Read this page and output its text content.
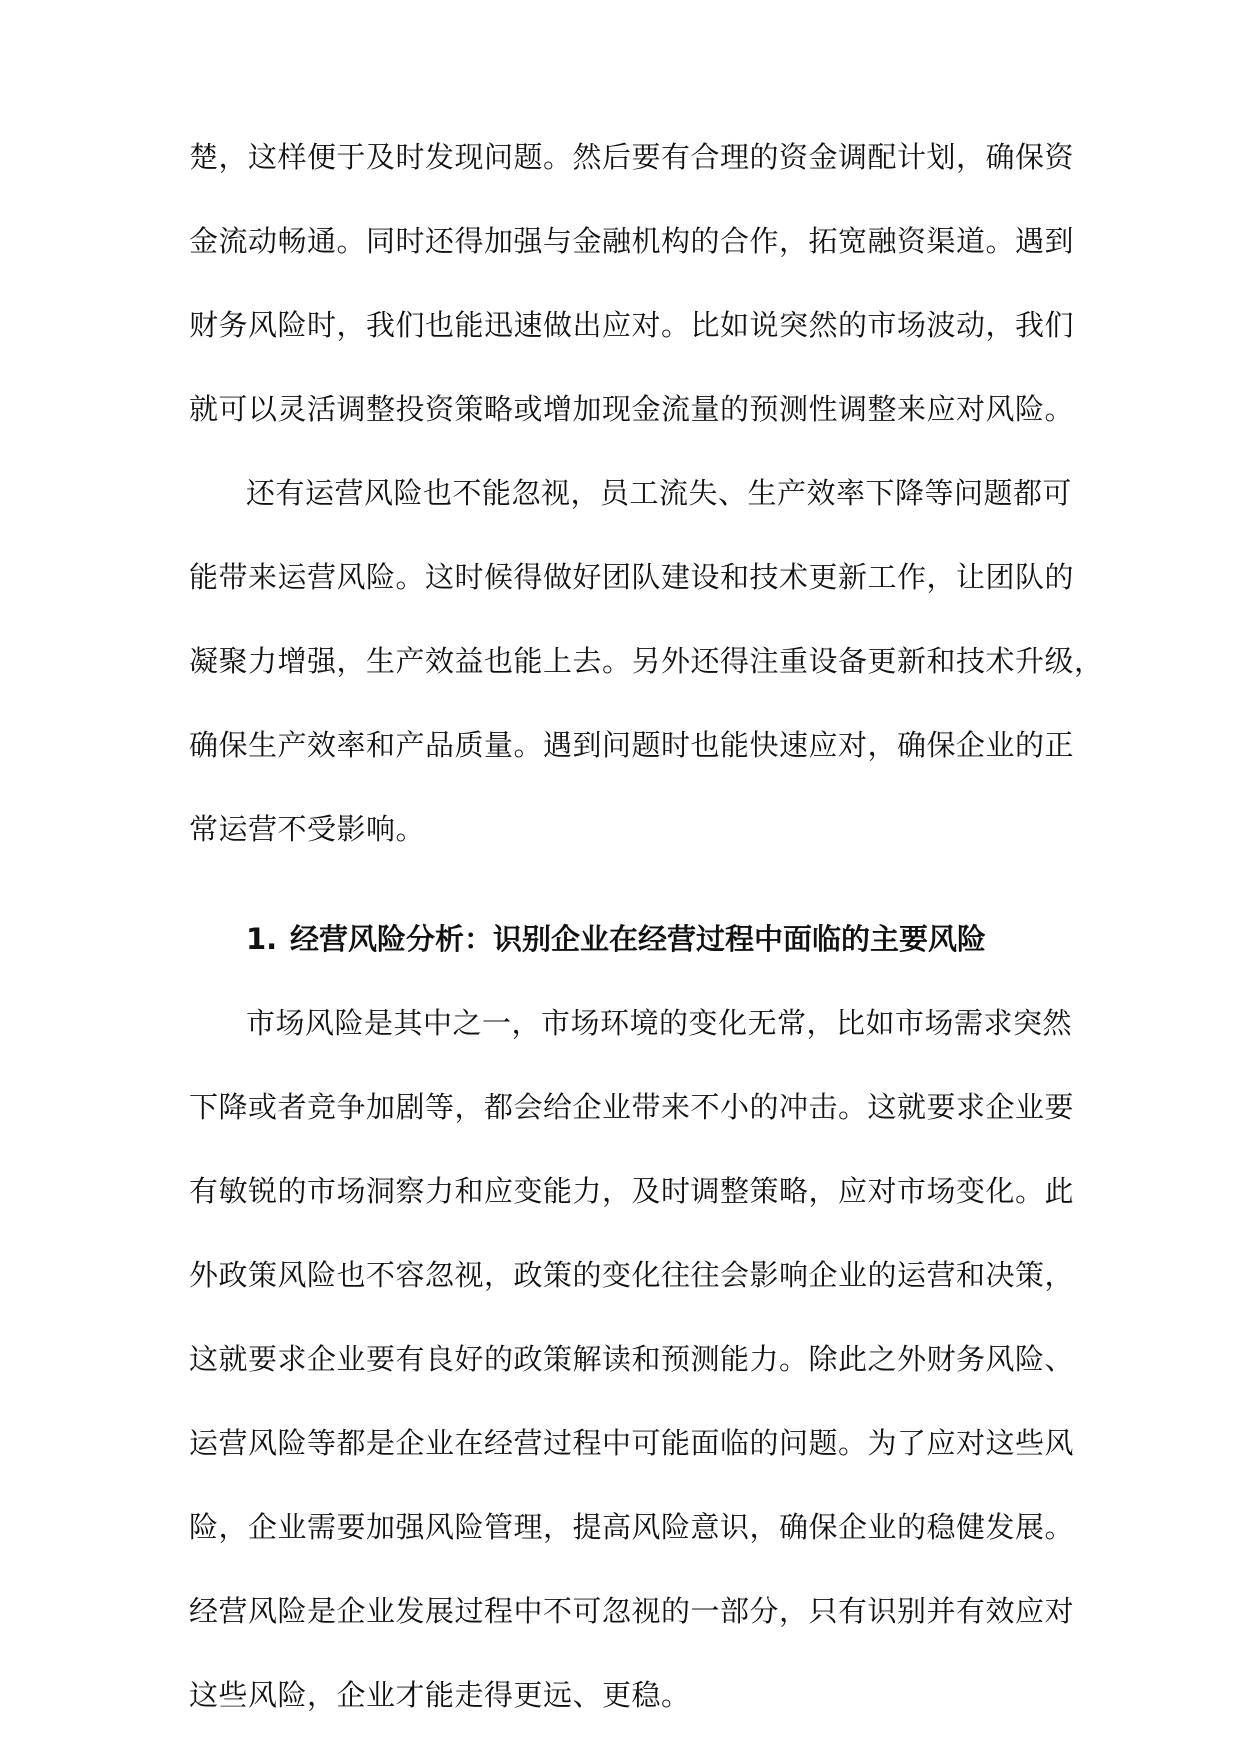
楚，这样便于及时发现问题。然后要有合理的资金调配计划，确保资
金流动畅通。同时还得加强与金融机构的合作，拓宽融资渠道。遇到
财务风险时，我们也能迅速做出应对。比如说突然的市场波动，我们
就可以灵活调整投资策略或增加现金流量的预测性调整来应对风险。
还有运营风险也不能忽视，员工流失、生产效率下降等问题都可
能带来运营风险。这时候得做好团队建设和技术更新工作，让团队的
凝聚力增强，生产效益也能上去。另外还得注重设备更新和技术升级，
确保生产效率和产品质量。遇到问题时也能快速应对，确保企业的正
常运营不受影响。
1. 经营风险分析：识别企业在经营过程中面临的主要风险
市场风险是其中之一，市场环境的变化无常，比如市场需求突然
下降或者竞争加剧等，都会给企业带来不小的冲击。这就要求企业要
有敏锐的市场洞察力和应变能力，及时调整策略，应对市场变化。此
外政策风险也不容忽视，政策的变化往往会影响企业的运营和决策，
这就要求企业要有良好的政策解读和预测能力。除此之外财务风险、
运营风险等都是企业在经营过程中可能面临的问题。为了应对这些风
险，企业需要加强风险管理，提高风险意识，确保企业的稳健发展。
经营风险是企业发展过程中不可忽视的一部分，只有识别并有效应对
这些风险，企业才能走得更远、更稳。
